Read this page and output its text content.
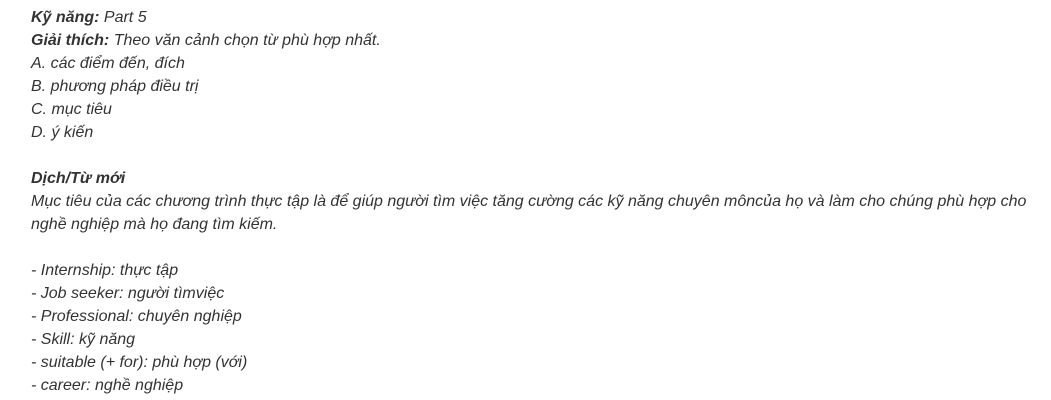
Kỹ năng: Part 5

Giải thích: Theo văn cảnh chọn từ phù hợp nhất.

A. các điểm đến, đích

B. phương pháp điều trị

C. mục tiêu

D. ý kiến

Dịch/Từ mới

Mục tiêu của các chương trình thực tập là để giúp người tìm việc tăng cường các kỹ năng chuyên môncủa họ và làm cho chúng phù hợp cho nghề nghiệp mà họ đang tìm kiếm.

- Internship: thực tập
- Job seeker: người tìmviệc
- Professional: chuyên nghiệp
- Skill: kỹ năng
- suitable (+ for): phù hợp (với)
- career: nghề nghiệp
